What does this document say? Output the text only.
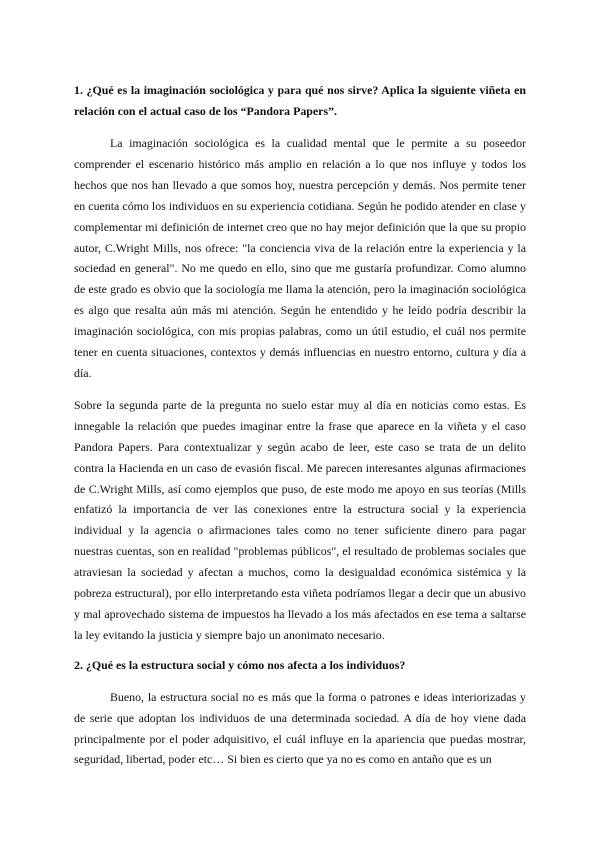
1. ¿Qué es la imaginación sociológica y para qué nos sirve? Aplica la siguiente viñeta en relación con el actual caso de los “Pandora Papers”.

La imaginación sociológica es la cualidad mental que le permite a su poseedor comprender el escenario histórico más amplio en relación a lo que nos influye y todos los hechos que nos han llevado a que somos hoy, nuestra percepción y demás. Nos permite tener en cuenta cómo los individuos en su experiencia cotidiana. Según he podido atender en clase y complementar mi definición de internet creo que no hay mejor definición que la que su propio autor, C.Wright Mills, nos ofrece: "la conciencia viva de la relación entre la experiencia y la sociedad en general". No me quedo en ello, sino que me gustaría profundizar. Como alumno de este grado es obvio que la sociología me llama la atención, pero la imaginación sociológica es algo que resalta aún más mi atención. Según he entendido y he leído podría describir la imaginación sociológica, con mis propias palabras, como un útil estudio, el cuál nos permite tener en cuenta situaciones, contextos y demás influencias en nuestro entorno, cultura y día a día.

Sobre la segunda parte de la pregunta no suelo estar muy al día en noticias como estas. Es innegable la relación que puedes imaginar entre la frase que aparece en la viñeta y el caso Pandora Papers. Para contextualizar y según acabo de leer, este caso se trata de un delito contra la Hacienda en un caso de evasión fiscal. Me parecen interesantes algunas afirmaciones de C.Wright Mills, así como ejemplos que puso, de este modo me apoyo en sus teorías (Mills enfatizó la importancia de ver las conexiones entre la estructura social y la experiencia individual y la agencia o afirmaciones tales como no tener suficiente dinero para pagar nuestras cuentas, son en realidad "problemas públicos", el resultado de problemas sociales que atraviesan la sociedad y afectan a muchos, como la desigualdad económica sistémica y la pobreza estructural), por ello interpretando esta viñeta podríamos llegar a decir que un abusivo y mal aprovechado sistema de impuestos ha llevado a los más afectados en ese tema a saltarse la ley evitando la justicia y siempre bajo un anonimato necesario.

2. ¿Qué es la estructura social y cómo nos afecta a los individuos?

Bueno, la estructura social no es más que la forma o patrones e ideas interiorizadas y de serie que adoptan los individuos de una determinada sociedad. A día de hoy viene dada principalmente por el poder adquisitivo, el cuál influye en la apariencia que puedas mostrar, seguridad, libertad, poder etc… Si bien es cierto que ya no es como en antaño que es un
